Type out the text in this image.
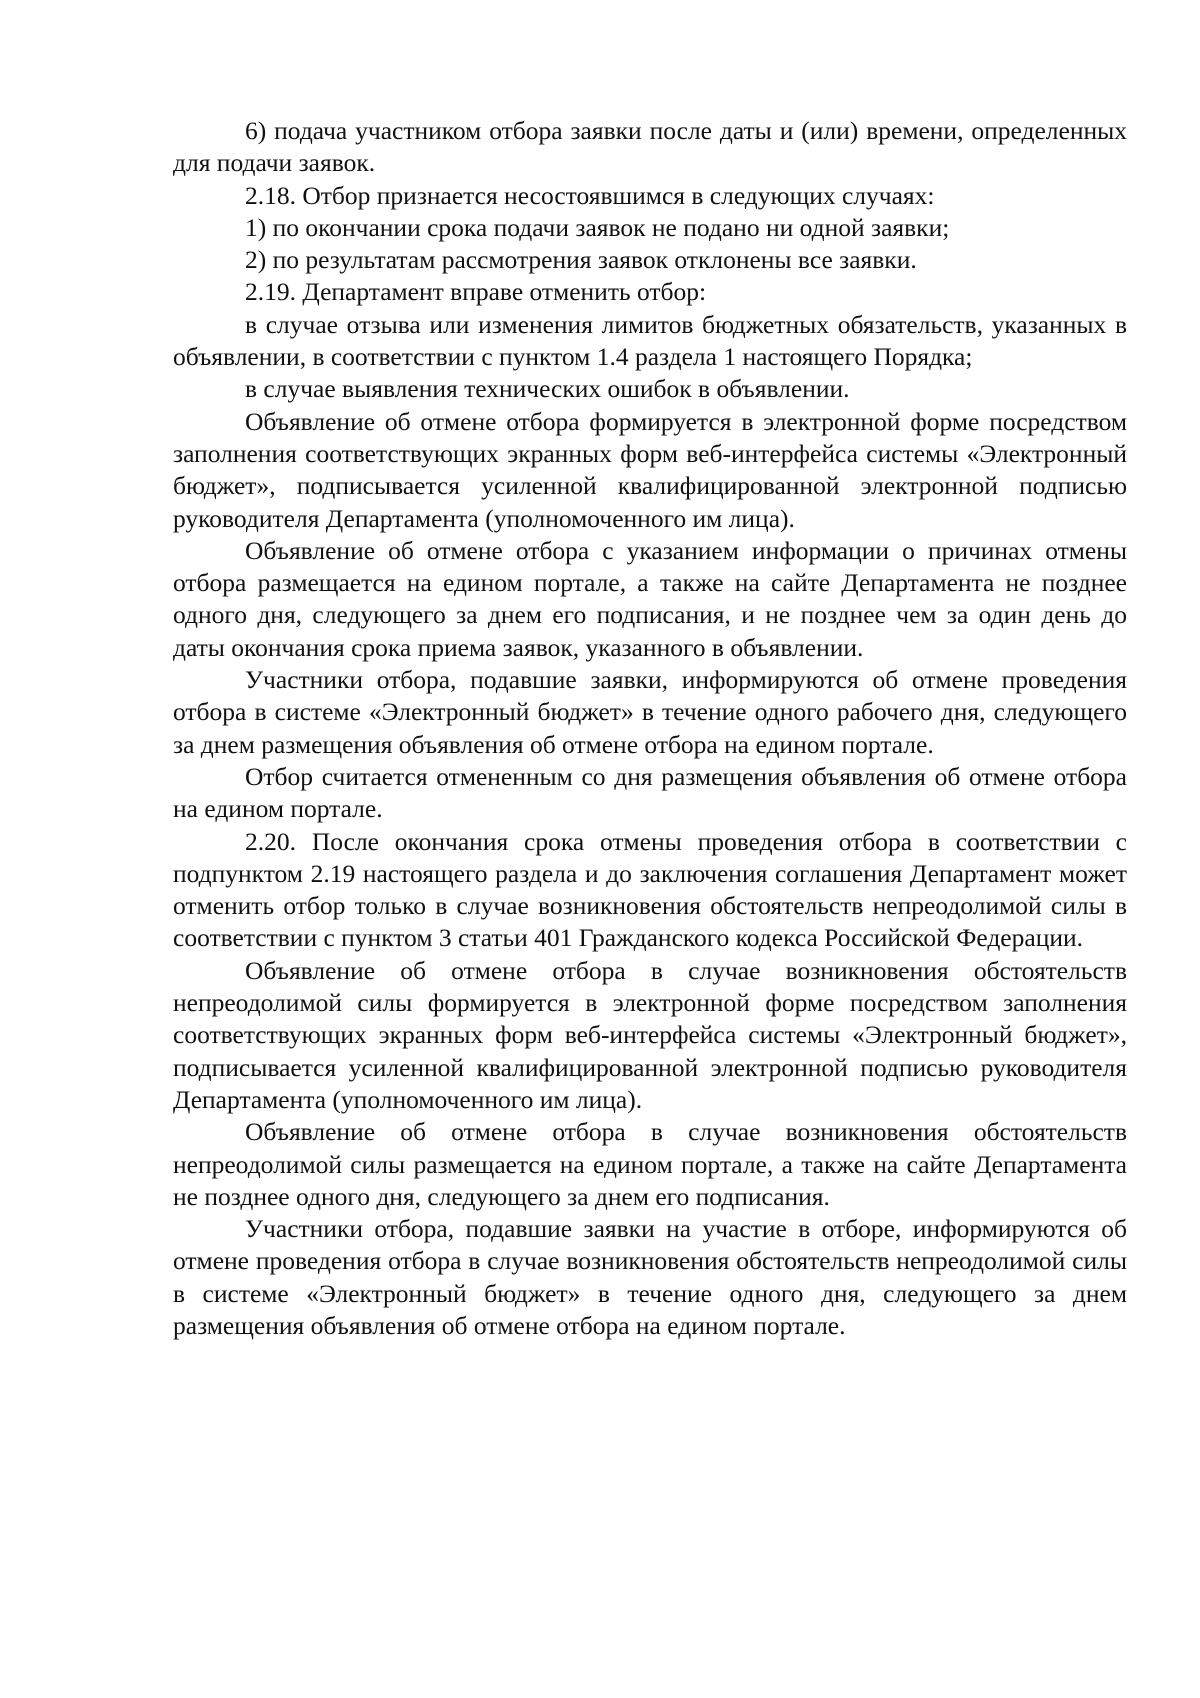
6) подача участником отбора заявки после даты и (или) времени, определенных для подачи заявок.

2.18. Отбор признается несостоявшимся в следующих случаях:

1) по окончании срока подачи заявок не подано ни одной заявки;

2) по результатам рассмотрения заявок отклонены все заявки.

2.19. Департамент вправе отменить отбор:

в случае отзыва или изменения лимитов бюджетных обязательств, указанных в объявлении, в соответствии с пунктом 1.4 раздела 1 настоящего Порядка;

в случае выявления технических ошибок в объявлении.

Объявление об отмене отбора формируется в электронной форме посредством заполнения соответствующих экранных форм веб-интерфейса системы «Электронный бюджет», подписывается усиленной квалифицированной электронной подписью руководителя Департамента (уполномоченного им лица).

Объявление об отмене отбора с указанием информации о причинах отмены отбора размещается на едином портале, а также на сайте Департамента не позднее одного дня, следующего за днем его подписания, и не позднее чем за один день до даты окончания срока приема заявок, указанного в объявлении.

Участники отбора, подавшие заявки, информируются об отмене проведения отбора в системе «Электронный бюджет» в течение одного рабочего дня, следующего за днем размещения объявления об отмене отбора на едином портале.

Отбор считается отмененным со дня размещения объявления об отмене отбора на едином портале.

2.20. После окончания срока отмены проведения отбора в соответствии с подпунктом 2.19 настоящего раздела и до заключения соглашения Департамент может отменить отбор только в случае возникновения обстоятельств непреодолимой силы в соответствии с пунктом 3 статьи 401 Гражданского кодекса Российской Федерации.

Объявление об отмене отбора в случае возникновения обстоятельств непреодолимой силы формируется в электронной форме посредством заполнения соответствующих экранных форм веб-интерфейса системы «Электронный бюджет», подписывается усиленной квалифицированной электронной подписью руководителя Департамента (уполномоченного им лица).

Объявление об отмене отбора в случае возникновения обстоятельств непреодолимой силы размещается на едином портале, а также на сайте Департамента не позднее одного дня, следующего за днем его подписания.

Участники отбора, подавшие заявки на участие в отборе, информируются об отмене проведения отбора в случае возникновения обстоятельств непреодолимой силы в системе «Электронный бюджет» в течение одного дня, следующего за днем размещения объявления об отмене отбора на едином портале.
